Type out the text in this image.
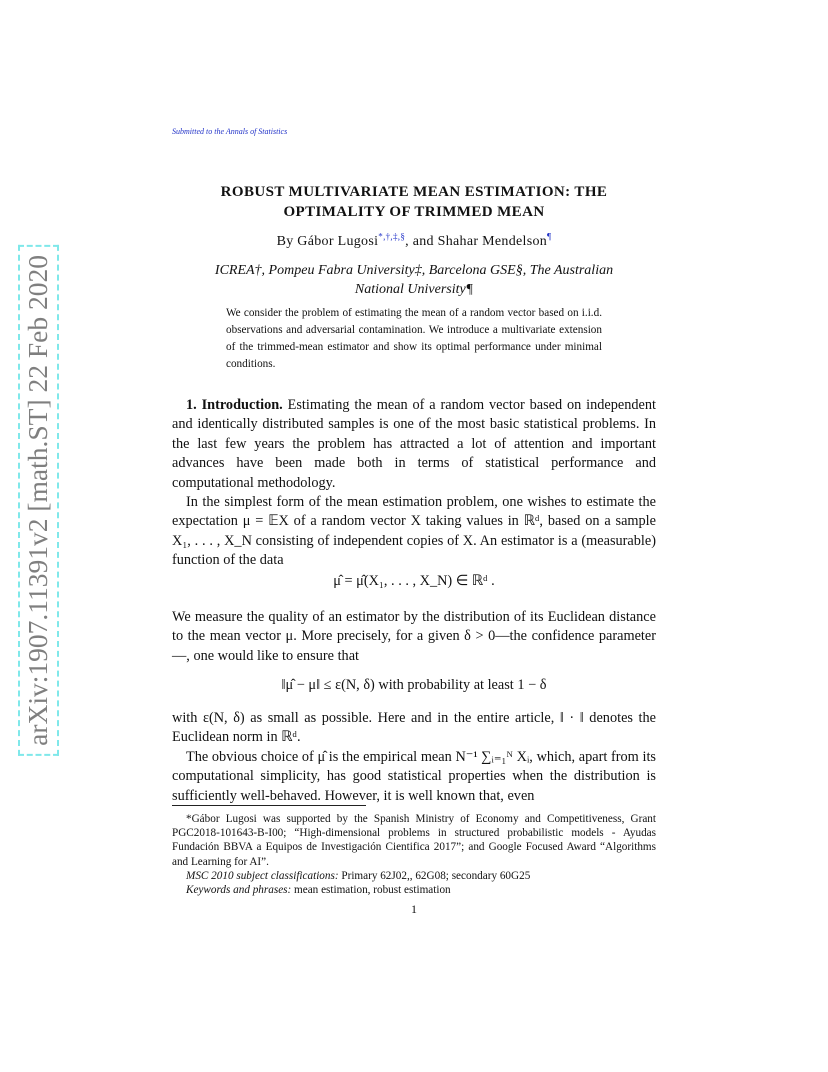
arXiv:1907.11391v2 [math.ST] 22 Feb 2020
Submitted to the Annals of Statistics
ROBUST MULTIVARIATE MEAN ESTIMATION: THE
OPTIMALITY OF TRIMMED MEAN
By Gábor Lugosi*,†,‡,§, and Shahar Mendelson¶
ICREA†, Pompeu Fabra University‡, Barcelona GSE§, The Australian
National University¶
We consider the problem of estimating the mean of a random vector based on i.i.d. observations and adversarial contamination. We introduce a multivariate extension of the trimmed-mean estimator and show its optimal performance under minimal conditions.

1. Introduction. Estimating the mean of a random vector based on independent and identically distributed samples is one of the most basic statistical problems. In the last few years the problem has attracted a lot of attention and important advances have been made both in terms of statistical performance and computational methodology.

In the simplest form of the mean estimation problem, one wishes to estimate the expectation μ = 𝔼X of a random vector X taking values in ℝᵈ, based on a sample X₁, . . . , X_N consisting of independent copies of X. An estimator is a (measurable) function of the data

μ̂ = μ̂(X₁, . . . , X_N) ∈ ℝᵈ .
We measure the quality of an estimator by the distribution of its Euclidean distance to the mean vector μ. More precisely, for a given δ > 0—the confidence parameter—, one would like to ensure that
‖μ̂ − μ‖ ≤ ε(N, δ) with probability at least 1 − δ

with ε(N, δ) as small as possible. Here and in the entire article, ‖ · ‖ denotes the Euclidean norm in ℝᵈ.

The obvious choice of μ̂ is the empirical mean N⁻¹ ∑ᵢ₌₁ᴺ Xᵢ, which, apart from its computational simplicity, has good statistical properties when the distribution is sufficiently well-behaved. However, it is well known that, even

*Gábor Lugosi was supported by the Spanish Ministry of Economy and Competitiveness, Grant PGC2018-101643-B-I00; “High-dimensional problems in structured probabilistic models - Ayudas Fundación BBVA a Equipos de Investigación Cientifica 2017”; and Google Focused Award “Algorithms and Learning for AI”.
MSC 2010 subject classifications: Primary 62J02,, 62G08; secondary 60G25
Keywords and phrases: mean estimation, robust estimation
1
